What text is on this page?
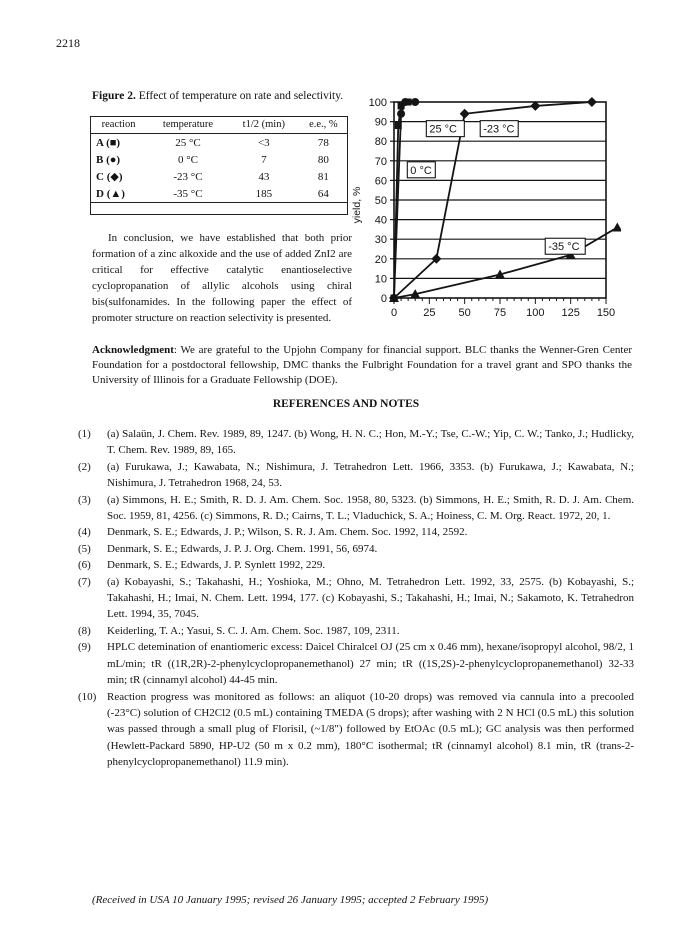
2218
Figure 2. Effect of temperature on rate and selectivity.
reaction	temperature	t1/2 (min)	e.e., %
A (■)	25 °C	<3	78
B (●)	0 °C	7	80
C (◆)	-23 °C	43	81
D (▲)	-35 °C	185	64

In conclusion, we have established that both prior formation of a zinc alkoxide and the use of added ZnI2 are critical for effective catalytic enantioselective cyclopropanation of allylic alcohols using chiral bis(sulfonamides. In the following paper the effect of promoter structure on reaction selectivity is presented.

0
10
20
30
40
50
60
70
80
90
100
0 25 50 75 100 125 150
yield, %
25 °C -23 °C
0 °C
-35 °C
Acknowledgment: We are grateful to the Upjohn Company for financial support. BLC thanks the Wenner-Gren Center Foundation for a postdoctoral fellowship, DMC thanks the Fulbright Foundation for a travel grant and SPO thanks the University of Illinois for a Graduate Fellowship (DOE).
REFERENCES AND NOTES
(1) (a) Salaün, J. Chem. Rev. 1989, 89, 1247. (b) Wong, H. N. C.; Hon, M.-Y.; Tse, C.-W.; Yip, C. W.; Tanko, J.; Hudlicky, T. Chem. Rev. 1989, 89, 165.
(2) (a) Furukawa, J.; Kawabata, N.; Nishimura, J. Tetrahedron Lett. 1966, 3353. (b) Furukawa, J.; Kawabata, N.; Nishimura, J. Tetrahedron 1968, 24, 53.
(3) (a) Simmons, H. E.; Smith, R. D. J. Am. Chem. Soc. 1958, 80, 5323. (b) Simmons, H. E.; Smith, R. D. J. Am. Chem. Soc. 1959, 81, 4256. (c) Simmons, R. D.; Cairns, T. L.; Vladuchick, S. A.; Hoiness, C. M. Org. React. 1972, 20, 1.
(4) Denmark, S. E.; Edwards, J. P.; Wilson, S. R. J. Am. Chem. Soc. 1992, 114, 2592.
(5) Denmark, S. E.; Edwards, J. P. J. Org. Chem. 1991, 56, 6974.
(6) Denmark, S. E.; Edwards, J. P. Synlett 1992, 229.
(7) (a) Kobayashi, S.; Takahashi, H.; Yoshioka, M.; Ohno, M. Tetrahedron Lett. 1992, 33, 2575. (b) Kobayashi, S.; Takahashi, H.; Imai, N. Chem. Lett. 1994, 177. (c) Kobayashi, S.; Takahashi, H.; Imai, N.; Sakamoto, K. Tetrahedron Lett. 1994, 35, 7045.
(8) Keiderling, T. A.; Yasui, S. C. J. Am. Chem. Soc. 1987, 109, 2311.
(9) HPLC detemination of enantiomeric excess: Daicel Chiralcel OJ (25 cm x 0.46 mm), hexane/isopropyl alcohol, 98/2, 1 mL/min; tR ((1R,2R)-2-phenylcyclopropanemethanol) 27 min; tR ((1S,2S)-2-phenylcyclopropanemethanol) 32-33 min; tR (cinnamyl alcohol) 44-45 min.
(10) Reaction progress was monitored as follows: an aliquot (10-20 drops) was removed via cannula into a precooled (-23°C) solution of CH2Cl2 (0.5 mL) containing TMEDA (5 drops); after washing with 2 N HCl (0.5 mL) this solution was passed through a small plug of Florisil, (~1/8") followed by EtOAc (0.5 mL); GC analysis was then performed (Hewlett-Packard 5890, HP-U2 (50 m x 0.2 mm), 180°C isothermal; tR (cinnamyl alcohol) 8.1 min, tR (trans-2-phenylcyclopropanemethanol) 11.9 min).
(Received in USA 10 January 1995; revised 26 January 1995; accepted 2 February 1995)
